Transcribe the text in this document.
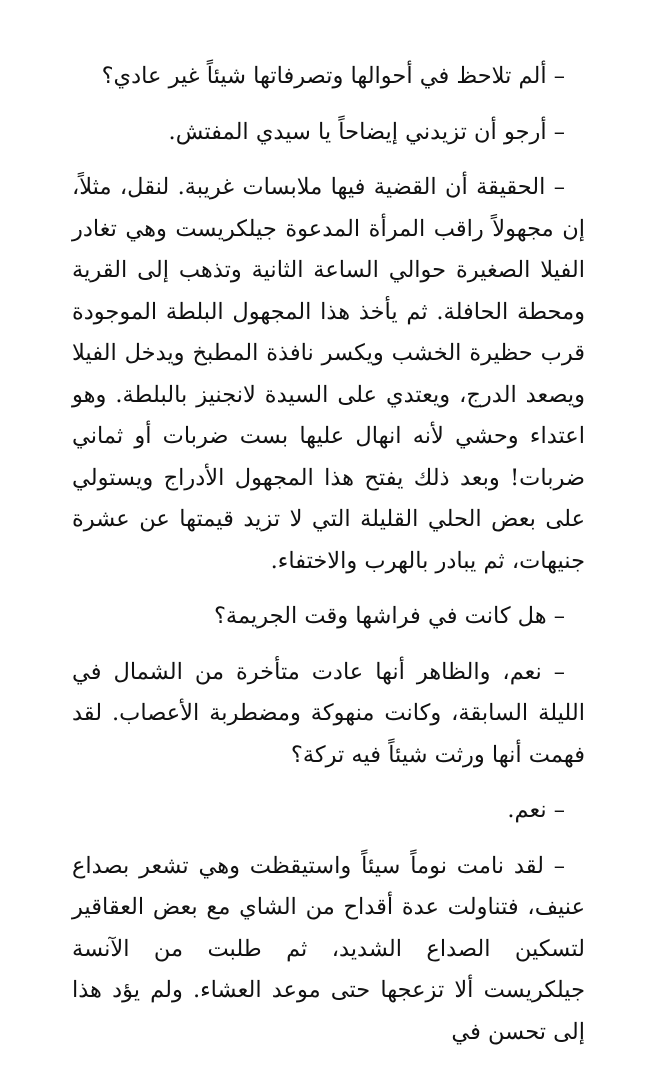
– ألم تلاحظ في أحوالها وتصرفاتها شيئاً غير عادي؟

– أرجو أن تزيدني إيضاحاً يا سيدي المفتش.

– الحقيقة أن القضية فيها ملابسات غريبة. لنقل، مثلاً، إن مجهولاً راقب المرأة المدعوة جيلكريست وهي تغادر الفيلا الصغيرة حوالي الساعة الثانية وتذهب إلى القرية ومحطة الحافلة. ثم يأخذ هذا المجهول البلطة الموجودة قرب حظيرة الخشب ويكسر نافذة المطبخ ويدخل الفيلا ويصعد الدرج، ويعتدي على السيدة لانجنيز بالبلطة. وهو اعتداء وحشي لأنه انهال عليها بست ضربات أو ثماني ضربات! وبعد ذلك يفتح هذا المجهول الأدراج ويستولي على بعض الحلي القليلة التي لا تزيد قيمتها عن عشرة جنيهات، ثم يبادر بالهرب والاختفاء.

– هل كانت في فراشها وقت الجريمة؟

– نعم، والظاهر أنها عادت متأخرة من الشمال في الليلة السابقة، وكانت منهوكة ومضطربة الأعصاب. لقد فهمت أنها ورثت شيئاً فيه تركة؟

– نعم.

– لقد نامت نوماً سيئاً واستيقظت وهي تشعر بصداع عنيف، فتناولت عدة أقداح من الشاي مع بعض العقاقير لتسكين الصداع الشديد، ثم طلبت من الآنسة جيلكريست ألا تزعجها حتى موعد العشاء. ولم يؤد هذا إلى تحسن في
